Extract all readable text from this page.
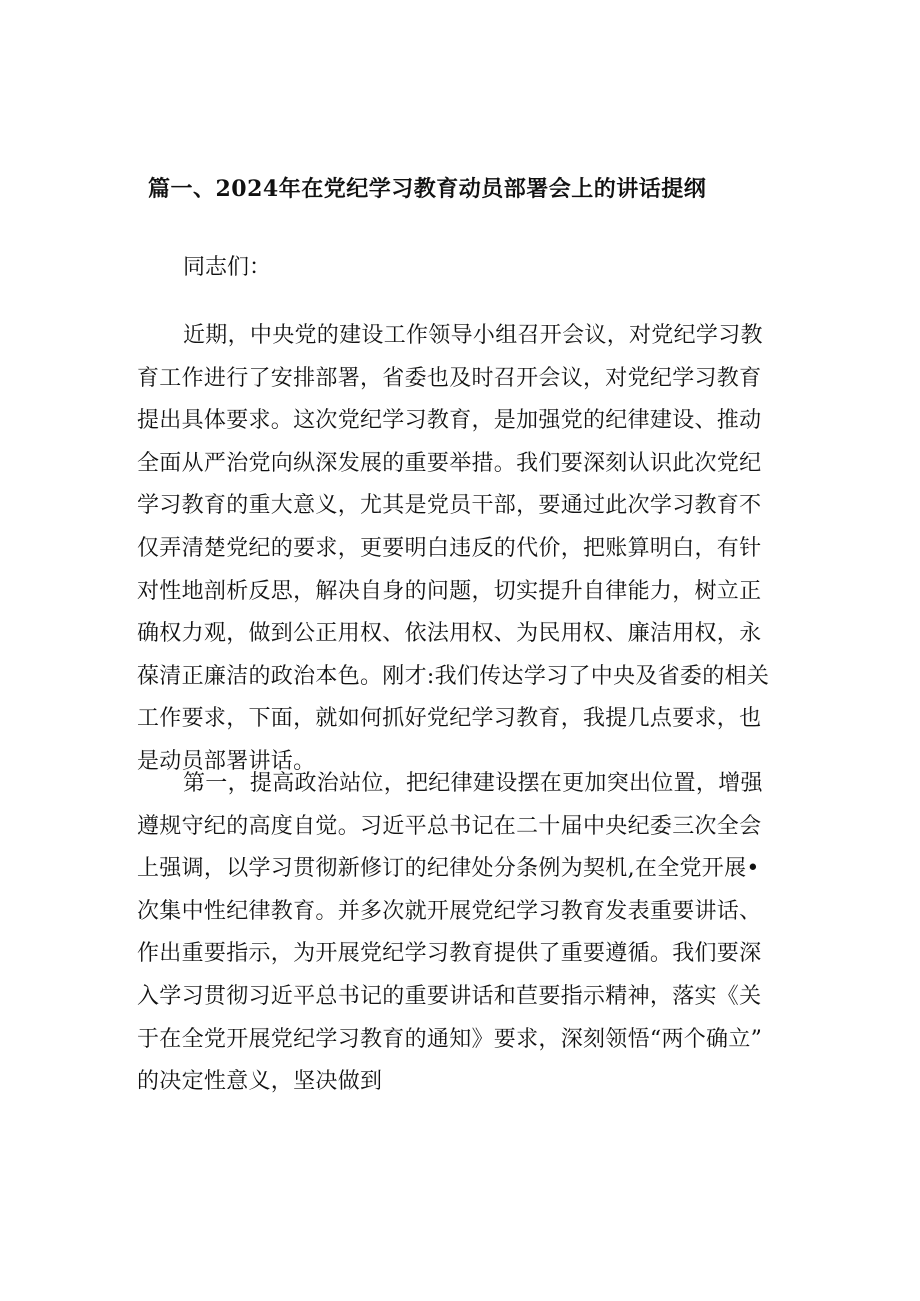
篇一、2024年在党纪学习教育动员部署会上的讲话提纲
同志们：
近期，中央党的建设工作领导小组召开会议，对党纪学习教
育工作进行了安排部署，省委也及时召开会议，对党纪学习教育
提出具体要求。这次党纪学习教育，是加强党的纪律建设、推动
全面从严治党向纵深发展的重要举措。我们要深刻认识此次党纪
学习教育的重大意义，尤其是党员干部，要通过此次学习教育不
仅弄清楚党纪的要求，更要明白违反的代价，把账算明白，有针
对性地剖析反思，解决自身的问题，切实提升自律能力，树立正
确权力观，做到公正用权、依法用权、为民用权、廉洁用权，永
葆清正廉洁的政治本色。刚才:我们传达学习了中央及省委的相关
工作要求，下面，就如何抓好党纪学习教育，我提几点要求，也
是动员部署讲话。
第一，提高政治站位，把纪律建设摆在更加突出位置，增强
遵规守纪的高度自觉。习近平总书记在二十届中央纪委三次全会
上强调，以学习贯彻新修订的纪律处分条例为契机,在全党开展•
次集中性纪律教育。并多次就开展党纪学习教育发表重要讲话、
作出重要指示，为开展党纪学习教育提供了重要遵循。我们要深
入学习贯彻习近平总书记的重要讲话和苣要指示精神，落实《关
于在全党开展党纪学习教育的通知》要求，深刻领悟“两个确立”
的决定性意义，坚决做到
